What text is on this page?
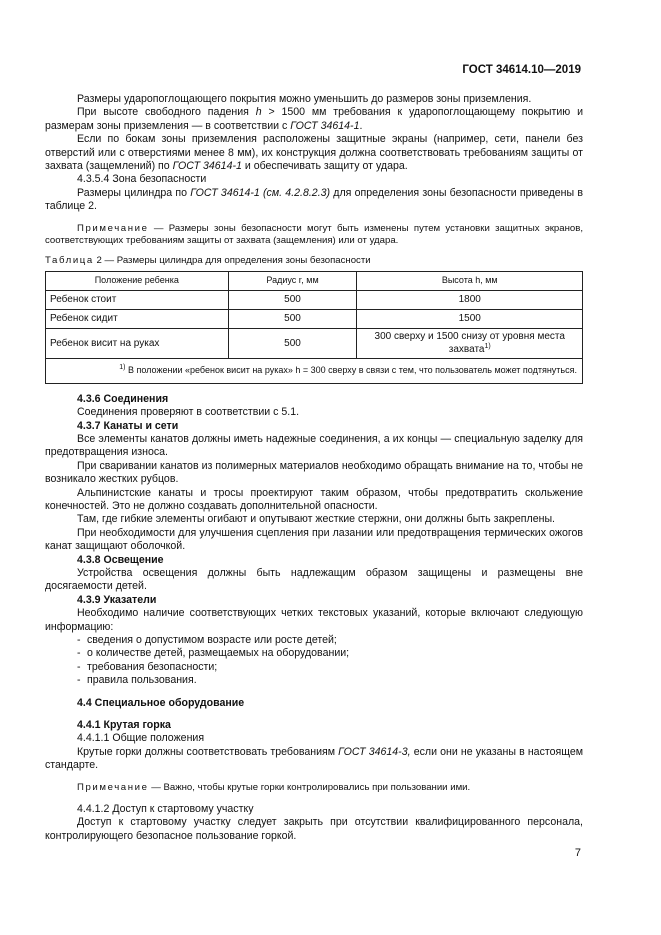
ГОСТ 34614.10—2019

Размеры ударопоглощающего покрытия можно уменьшить до размеров зоны приземления.

При высоте свободного падения h > 1500 мм требования к ударопоглощающему покрытию и размерам зоны приземления — в соответствии с ГОСТ 34614-1.

Если по бокам зоны приземления расположены защитные экраны (например, сети, панели без отверстий или с отверстиями менее 8 мм), их конструкция должна соответствовать требованиям защиты от захвата (защемлений) по ГОСТ 34614-1 и обеспечивать защиту от удара.

4.3.5.4 Зона безопасности

Размеры цилиндра по ГОСТ 34614-1 (см. 4.2.8.2.3) для определения зоны безопасности приведены в таблице 2.

Примечание — Размеры зоны безопасности могут быть изменены путем установки защитных экранов, соответствующих требованиям защиты от захвата (защемления) или от удара.

Таблица 2 — Размеры цилиндра для определения зоны безопасности
Положение ребенка	Радиус r, мм	Высота h, мм
Ребенок стоит	500	1800
Ребенок сидит	500	1500
Ребенок висит на руках	500	300 сверху и 1500 снизу от уровня места захвата$^{1)}$
$^{1)}$ В положении «ребенок висит на руках» h = 300 сверху в связи с тем, что пользователь может подтянуться.		

4.3.6 Соединения

Соединения проверяют в соответствии с 5.1.

4.3.7 Канаты и сети

Все элементы канатов должны иметь надежные соединения, а их концы — специальную заделку для предотвращения износа.

При сваривании канатов из полимерных материалов необходимо обращать внимание на то, чтобы не возникало жестких рубцов.

Альпинистские канаты и тросы проектируют таким образом, чтобы предотвратить скольжение конечностей. Это не должно создавать дополнительной опасности.

Там, где гибкие элементы огибают и опутывают жесткие стержни, они должны быть закреплены.

При необходимости для улучшения сцепления при лазании или предотвращения термических ожогов канат защищают оболочкой.

4.3.8 Освещение

Устройства освещения должны быть надлежащим образом защищены и размещены вне досягаемости детей.

4.3.9 Указатели

Необходимо наличие соответствующих четких текстовых указаний, которые включают следующую информацию:

- сведения о допустимом возрасте или росте детей;
- о количестве детей, размещаемых на оборудовании;
- требования безопасности;
- правила пользования.

4.4 Специальное оборудование

4.4.1 Крутая горка

4.4.1.1 Общие положения

Крутые горки должны соответствовать требованиям ГОСТ 34614-3, если они не указаны в настоящем стандарте.

Примечание — Важно, чтобы крутые горки контролировались при пользовании ими.

4.4.1.2 Доступ к стартовому участку

Доступ к стартовому участку следует закрыть при отсутствии квалифицированного персонала, контролирующего безопасное пользование горкой.

7
